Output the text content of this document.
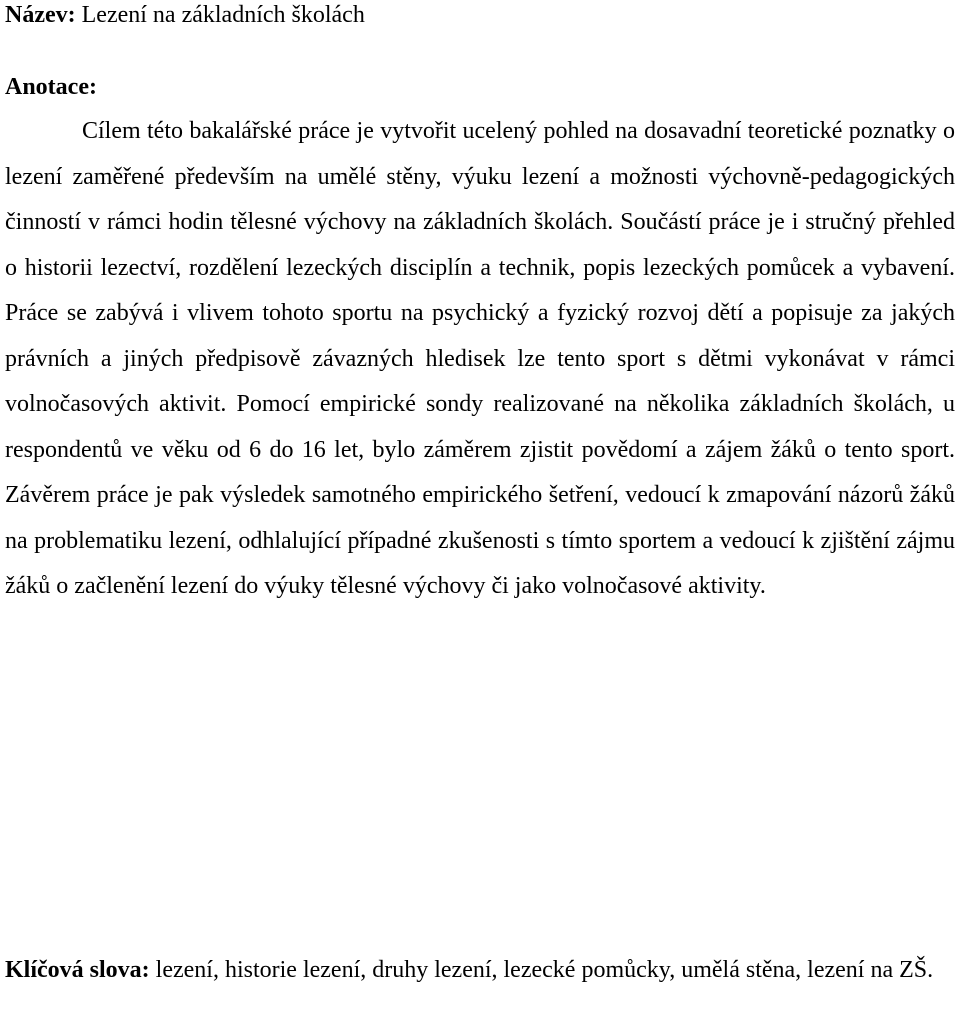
Název: Lezení na základních školách

Anotace:

Cílem této bakalářské práce je vytvořit ucelený pohled na dosavadní teoretické poznatky o lezení zaměřené především na umělé stěny, výuku lezení a možnosti výchovně-pedagogických činností v rámci hodin tělesné výchovy na základních školách. Součástí práce je i stručný přehled o historii lezectví, rozdělení lezeckých disciplín a technik, popis lezeckých pomůcek a vybavení. Práce se zabývá i vlivem tohoto sportu na psychický a fyzický rozvoj dětí a popisuje za jakých právních a jiných předpisově závazných hledisek lze tento sport s dětmi vykonávat v rámci volnočasových aktivit. Pomocí empirické sondy realizované na několika základních školách, u respondentů ve věku od 6 do 16 let, bylo záměrem zjistit povědomí a zájem žáků o tento sport. Závěrem práce je pak výsledek samotného empirického šetření, vedoucí k zmapování názorů žáků na problematiku lezení, odhlalující případné zkušenosti s tímto sportem a vedoucí k zjištění zájmu žáků o začlenění lezení do výuky tělesné výchovy či jako volnočasové aktivity.

Klíčová slova: lezení, historie lezení, druhy lezení, lezecké pomůcky, umělá stěna, lezení na ZŠ.
